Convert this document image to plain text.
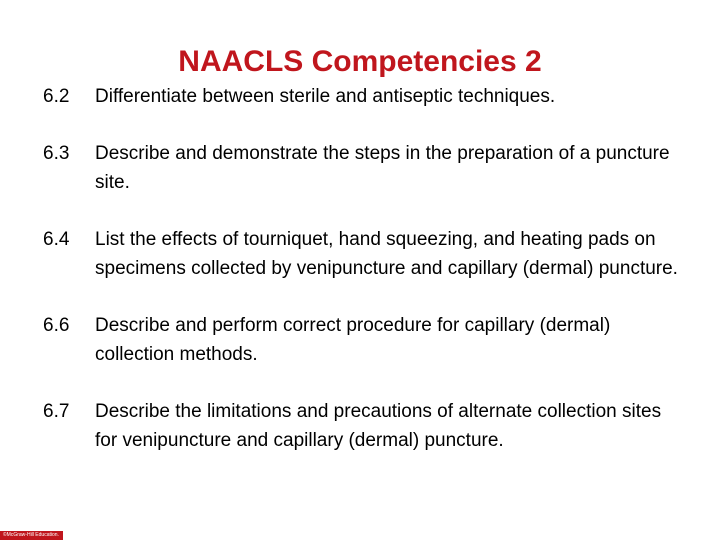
NAACLS Competencies 2
6.2	Differentiate between sterile and antiseptic techniques.
6.3	Describe and demonstrate the steps in the preparation of a puncture site.
6.4	List the effects of tourniquet, hand squeezing, and heating pads on specimens collected by venipuncture and capillary (dermal) puncture.
6.6	Describe and perform correct procedure for capillary (dermal) collection methods.
6.7	Describe the limitations and precautions of alternate collection sites for venipuncture and capillary (dermal) puncture.
©McGraw-Hill Education.
